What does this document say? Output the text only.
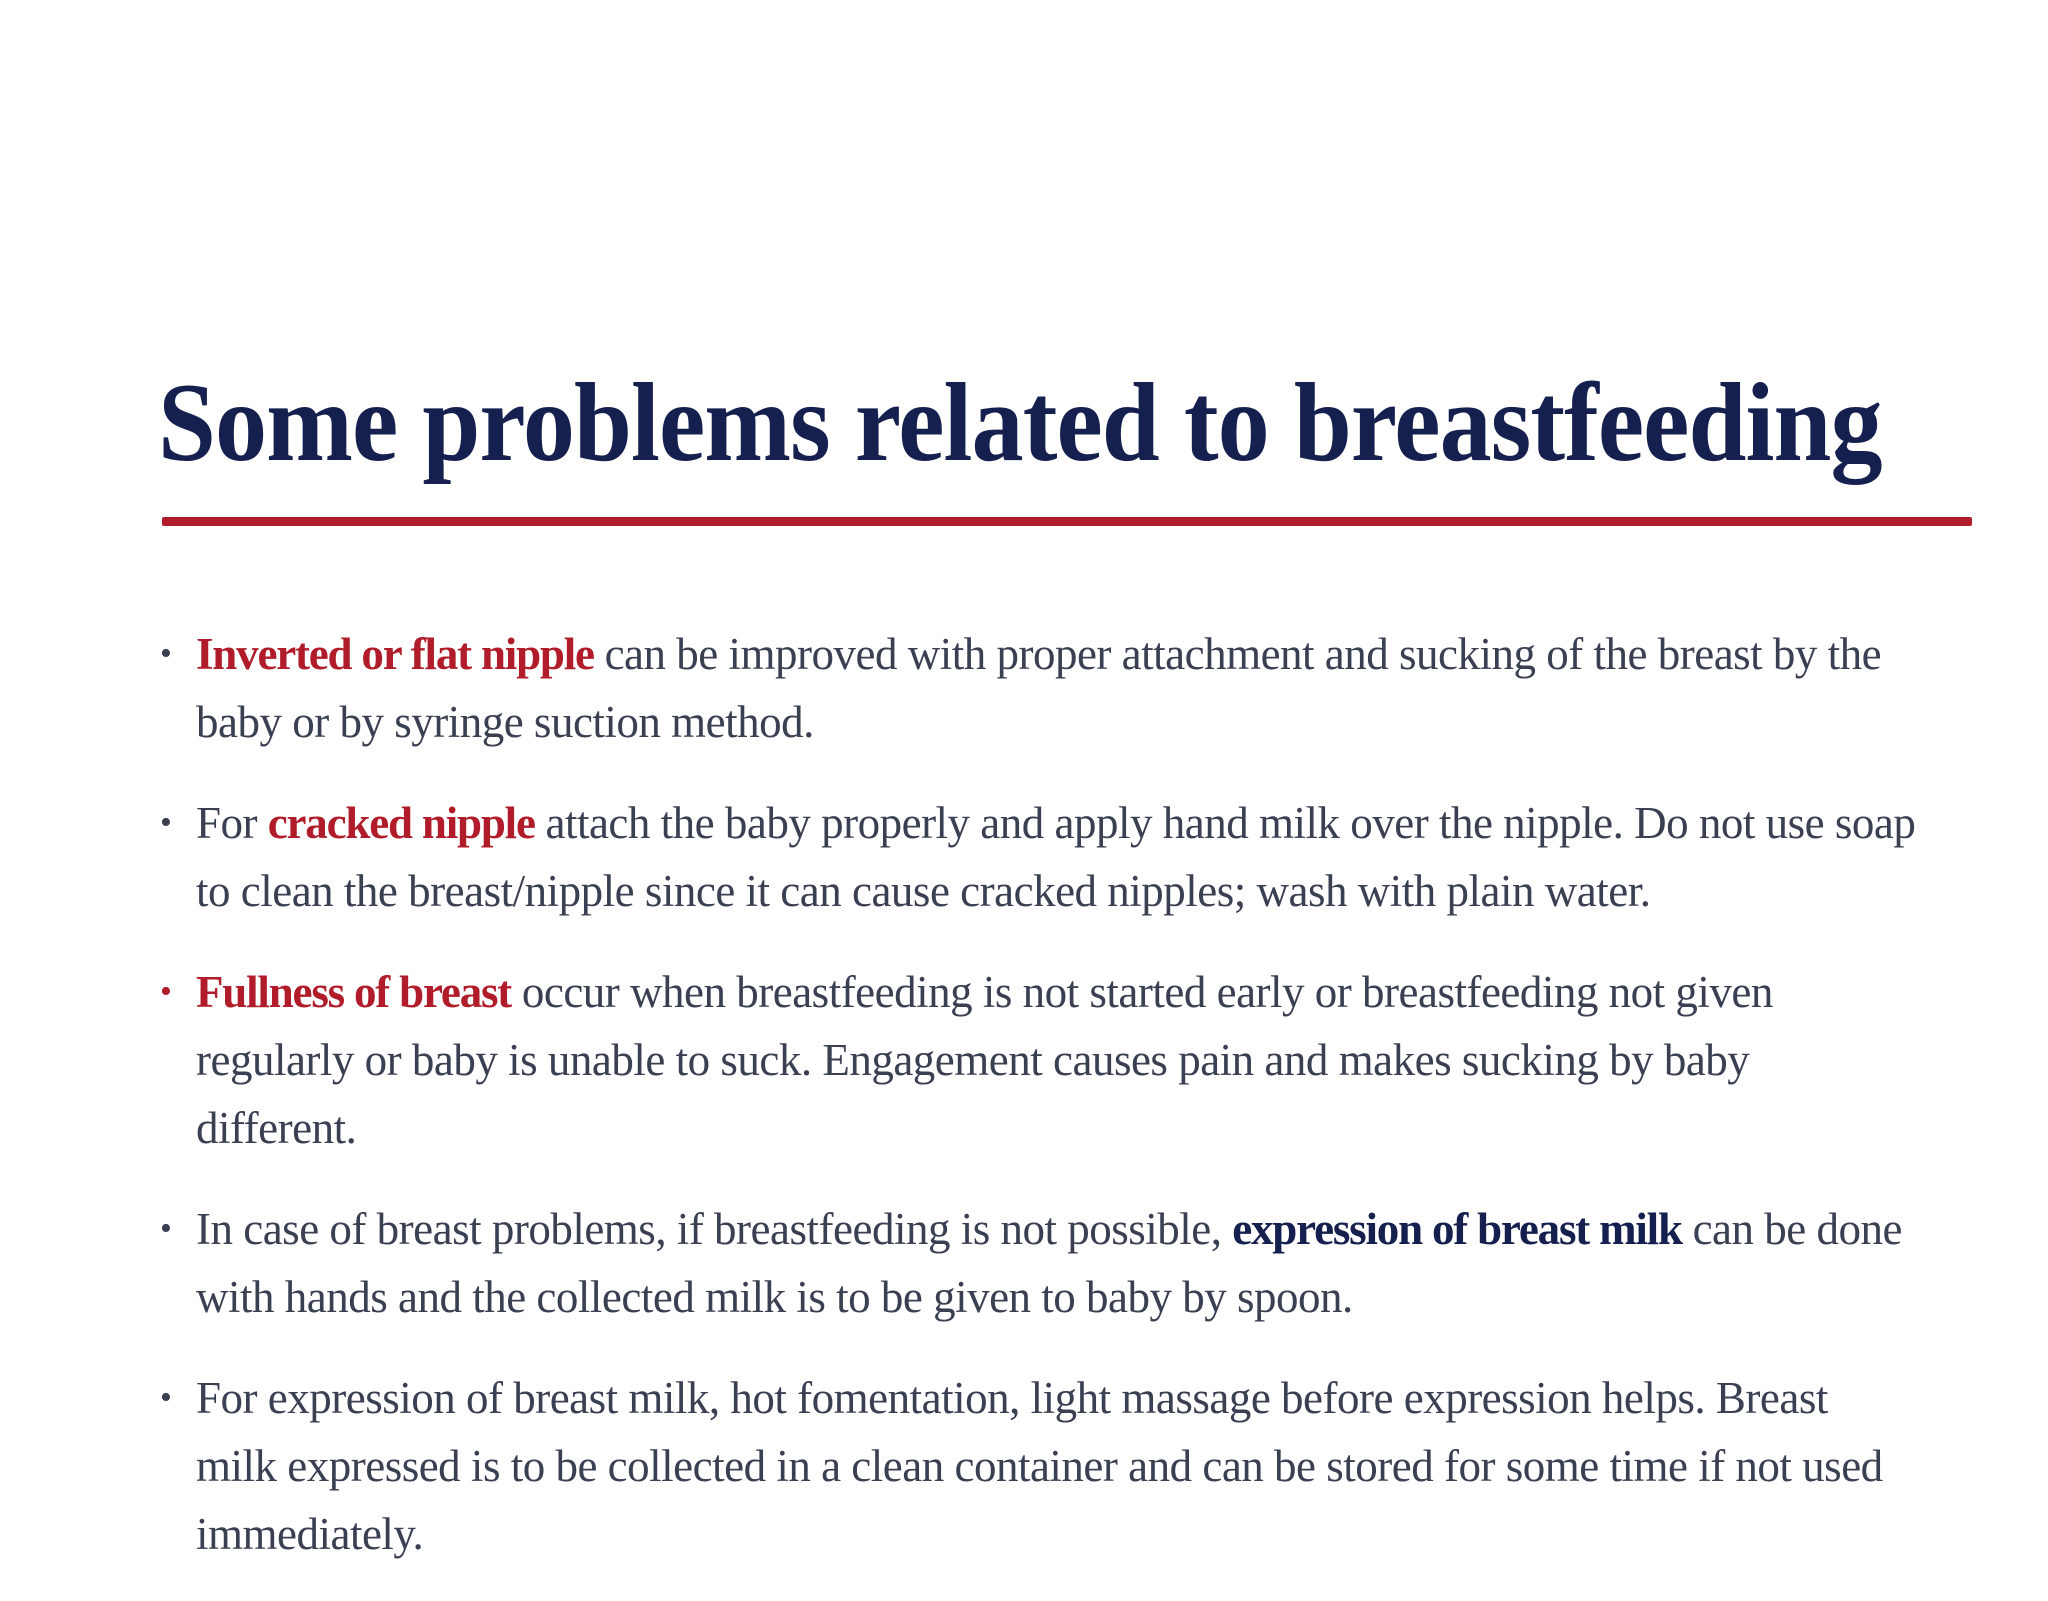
Some problems related to breastfeeding
• Inverted or flat nipple can be improved with proper attachment and sucking of the breast by the baby or by syringe suction method.
• For cracked nipple attach the baby properly and apply hand milk over the nipple. Do not use soap to clean the breast/nipple since it can cause cracked nipples; wash with plain water.
• Fullness of breast occur when breastfeeding is not started early or breastfeeding not given regularly or baby is unable to suck. Engagement causes pain and makes sucking by baby different.
• In case of breast problems, if breastfeeding is not possible, expression of breast milk can be done with hands and the collected milk is to be given to baby by spoon.
• For expression of breast milk, hot fomentation, light massage before expression helps. Breast milk expressed is to be collected in a clean container and can be stored for some time if not used immediately.
